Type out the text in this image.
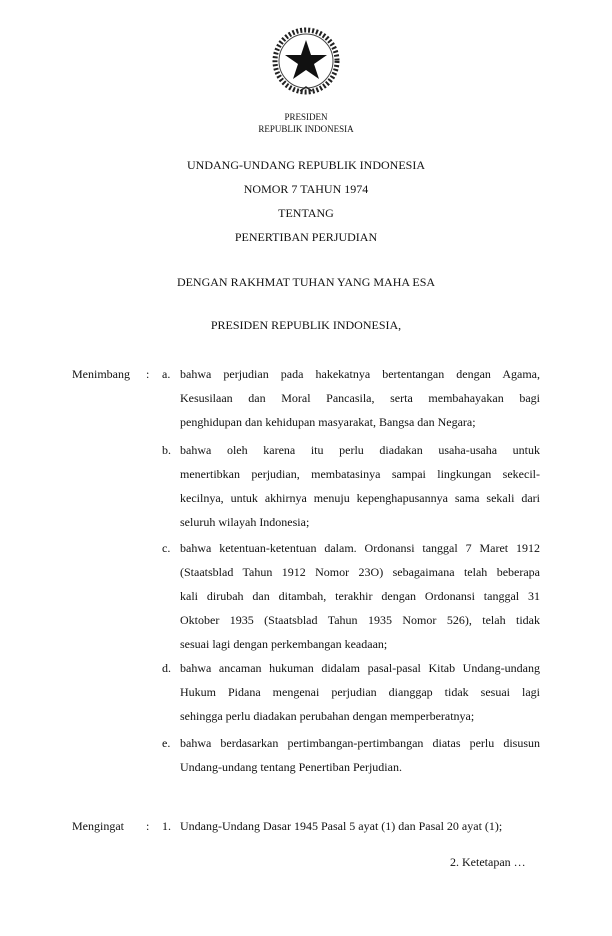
PRESIDEN
REPUBLIK INDONESIA
UNDANG-UNDANG REPUBLIK INDONESIA
NOMOR 7 TAHUN 1974
TENTANG
PENERTIBAN PERJUDIAN
DENGAN RAKHMAT TUHAN YANG MAHA ESA
PRESIDEN REPUBLIK INDONESIA,
Menimbang : a. bahwa perjudian pada hakekatnya bertentangan dengan Agama,
Kesusilaan dan Moral Pancasila, serta membahayakan bagi
penghidupan dan kehidupan masyarakat, Bangsa dan Negara;
b. bahwa oleh karena itu perlu diadakan usaha-usaha untuk
menertibkan perjudian, membatasinya sampai lingkungan sekecil-
kecilnya, untuk akhirnya menuju kepenghapusannya sama sekali dari
seluruh wilayah Indonesia;
c. bahwa ketentuan-ketentuan dalam. Ordonansi tanggal 7 Maret 1912
(Staatsblad Tahun 1912 Nomor 23O) sebagaimana telah beberapa
kali dirubah dan ditambah, terakhir dengan Ordonansi tanggal 31
Oktober 1935 (Staatsblad Tahun 1935 Nomor 526), telah tidak
sesuai lagi dengan perkembangan keadaan;
d. bahwa ancaman hukuman didalam pasal-pasal Kitab Undang-undang
Hukum Pidana mengenai perjudian dianggap tidak sesuai lagi
sehingga perlu diadakan perubahan dengan memperberatnya;
e. bahwa berdasarkan pertimbangan-pertimbangan diatas perlu disusun
Undang-undang tentang Penertiban Perjudian.
Mengingat : 1. Undang-Undang Dasar 1945 Pasal 5 ayat (1) dan Pasal 20 ayat (1);
2. Ketetapan …
